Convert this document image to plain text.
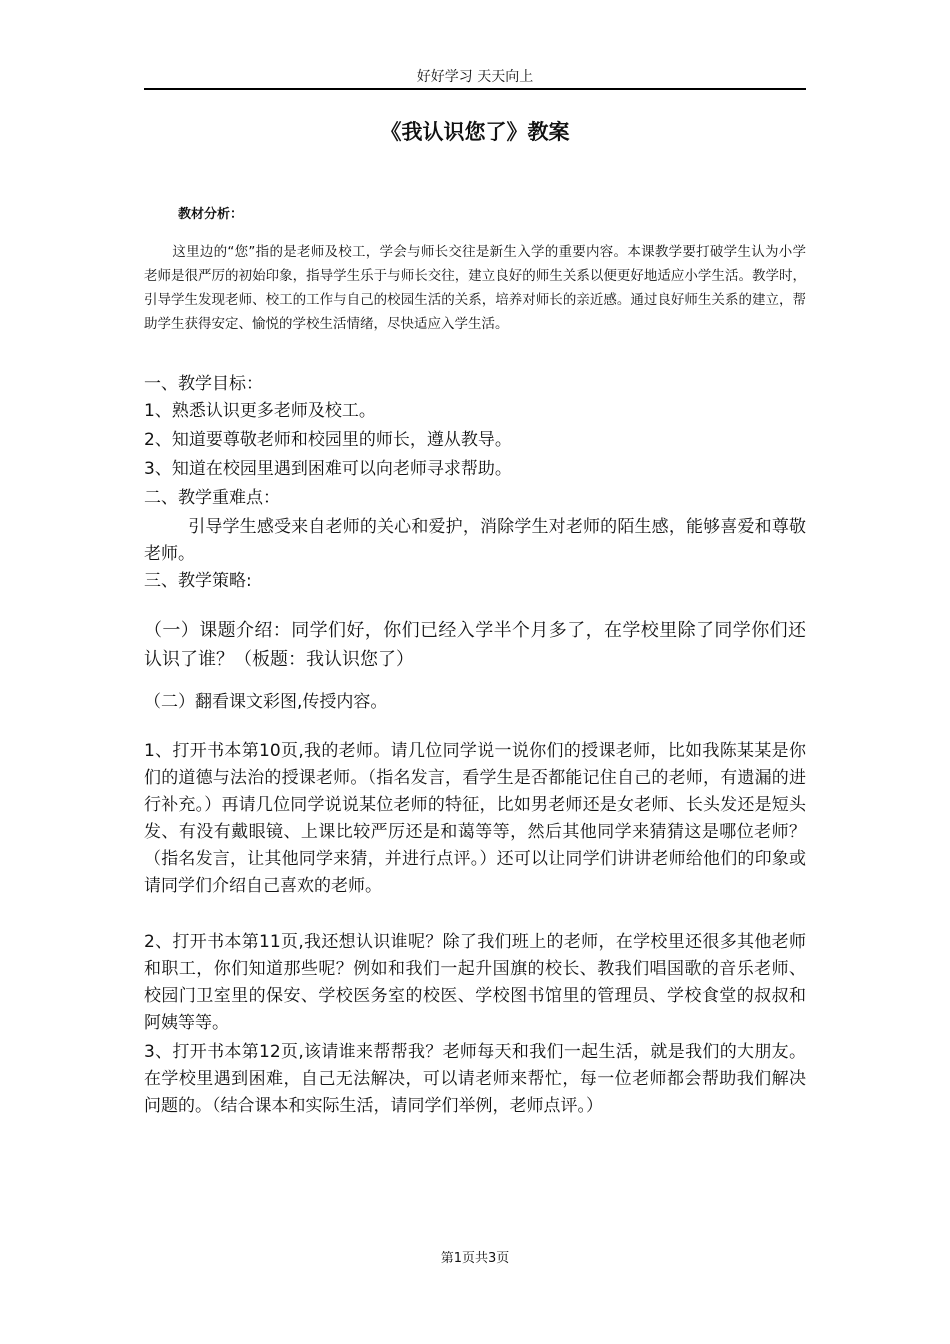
好好学习 天天向上
《我认识您了》教案
教材分析：
这里边的“您”指的是老师及校工，学会与师长交往是新生入学的重要内容。本课教学要打破学生认为小学老师是很严厉的初始印象，指导学生乐于与师长交往，建立良好的师生关系以便更好地适应小学生活。教学时，引导学生发现老师、校工的工作与自己的校园生活的关系，培养对师长的亲近感。通过良好师生关系的建立，帮助学生获得安定、愉悦的学校生活情绪，尽快适应入学生活。
一、教学目标：
1、熟悉认识更多老师及校工。
2、知道要尊敬老师和校园里的师长，遵从教导。
3、知道在校园里遇到困难可以向老师寻求帮助。
二、教学重难点：
引导学生感受来自老师的关心和爱护，消除学生对老师的陌生感，能够喜爱和尊敬老师。
三、教学策略:
（一）课题介绍：同学们好，你们已经入学半个月多了，在学校里除了同学你们还认识了谁？（板题：我认识您了）
（二）翻看课文彩图,传授内容。
1、打开书本第10页,我的老师。请几位同学说一说你们的授课老师，比如我陈某某是你们的道德与法治的授课老师。（指名发言，看学生是否都能记住自己的老师，有遗漏的进行补充。）再请几位同学说说某位老师的特征，比如男老师还是女老师、长头发还是短头发、有没有戴眼镜、上课比较严厉还是和蔼等等，然后其他同学来猜猜这是哪位老师？（指名发言，让其他同学来猜，并进行点评。）还可以让同学们讲讲老师给他们的印象或请同学们介绍自己喜欢的老师。
2、打开书本第11页,我还想认识谁呢？除了我们班上的老师，在学校里还很多其他老师和职工，你们知道那些呢？例如和我们一起升国旗的校长、教我们唱国歌的音乐老师、校园门卫室里的保安、学校医务室的校医、学校图书馆里的管理员、学校食堂的叔叔和阿姨等等。
3、打开书本第12页,该请谁来帮帮我？老师每天和我们一起生活，就是我们的大朋友。在学校里遇到困难，自己无法解决，可以请老师来帮忙，每一位老师都会帮助我们解决问题的。（结合课本和实际生活，请同学们举例，老师点评。）
第1页共3页
